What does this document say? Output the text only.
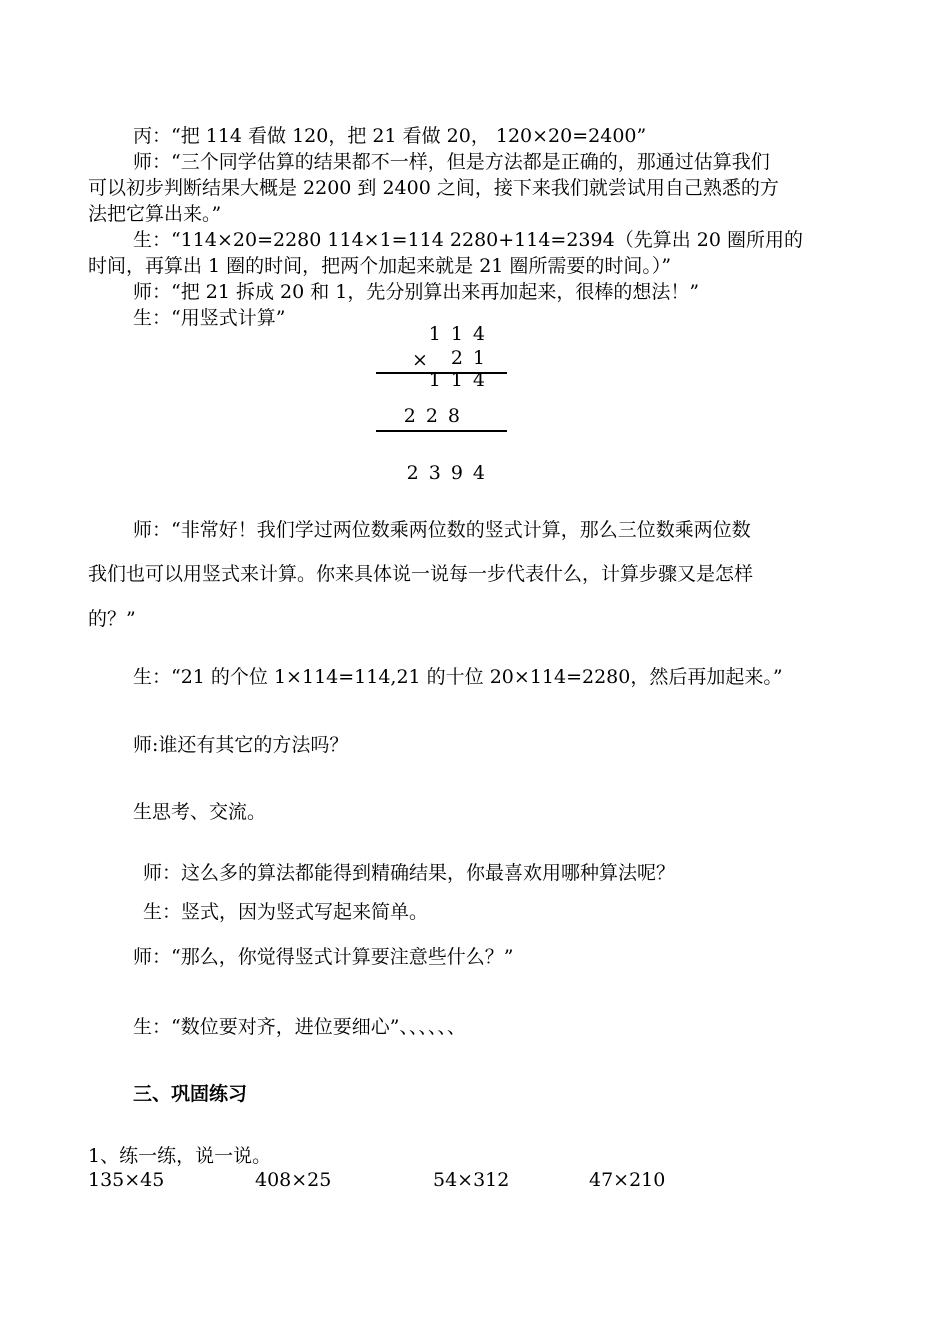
丙：“把 114 看做 120，把 21 看做 20， 120×20=2400”
师：“三个同学估算的结果都不一样，但是方法都是正确的，那通过估算我们
可以初步判断结果大概是 2200 到 2400 之间，接下来我们就尝试用自己熟悉的方
法把它算出来。”
生：“114×20=2280 114×1=114 2280+114=2394（先算出 20 圈所用的
时间，再算出 1 圈的时间，把两个加起来就是 21 圈所需要的时间。）”
师：“把 21 拆成 20 和 1，先分别算出来再加起来，很棒的想法！”
生：“用竖式计算”
114
×	21
114
228
2394
师：“非常好！我们学过两位数乘两位数的竖式计算，那么三位数乘两位数
我们也可以用竖式来计算。你来具体说一说每一步代表什么，计算步骤又是怎样
的？”
生：“21 的个位 1×114=114,21 的十位 20×114=2280，然后再加起来。”
师:谁还有其它的方法吗？
生思考、交流。
师：这么多的算法都能得到精确结果，你最喜欢用哪种算法呢？
生：竖式，因为竖式写起来简单。
师：“那么，你觉得竖式计算要注意些什么？”
生：“数位要对齐，进位要细心”、、、、、、
三、巩固练习
1、练一练，说一说。
135×45	408×25	54×312	47×210
